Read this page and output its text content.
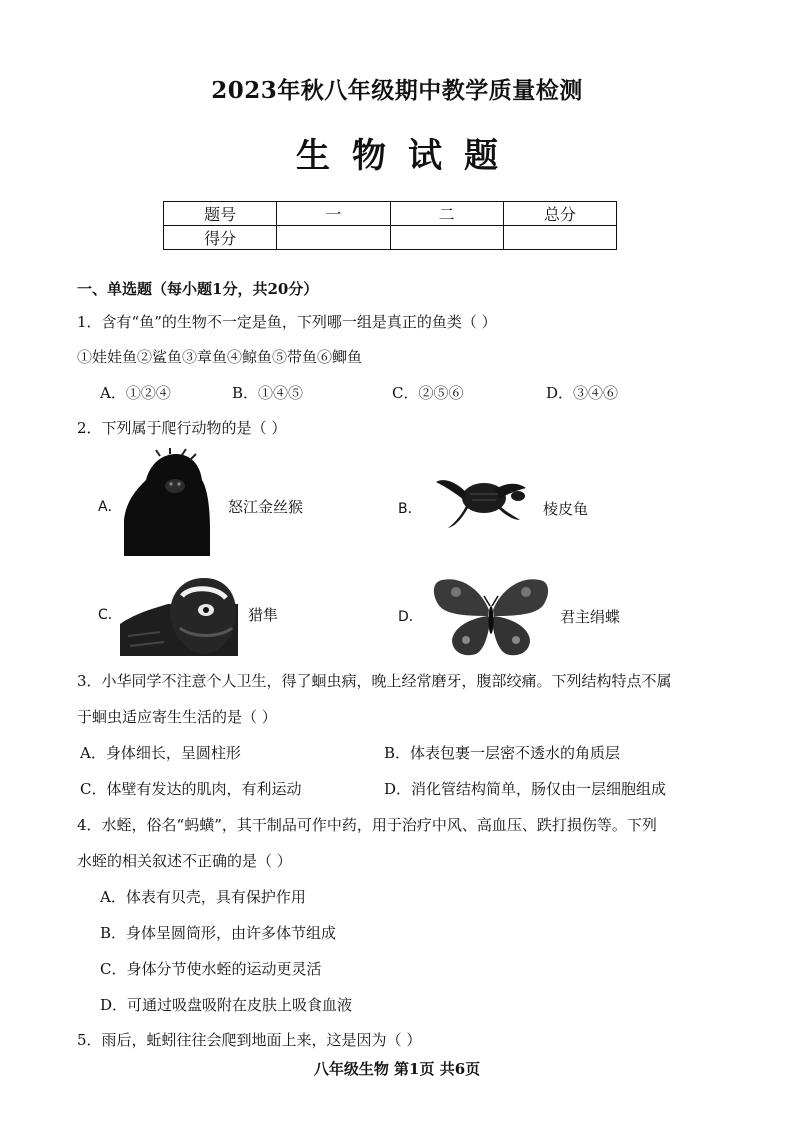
2023年秋八年级期中教学质量检测
生物试题
题号	一	二	总分
得分			
一、单选题（每小题1分，共20分）
1．含有“鱼”的生物不一定是鱼，下列哪一组是真正的鱼类（ ）
①娃娃鱼②鲨鱼③章鱼④鲸鱼⑤带鱼⑥鲫鱼
A．①②④	B．①④⑤	C．②⑤⑥	D．③④⑥
2．下列属于爬行动物的是（ ）
A．	怒江金丝猴	B．	棱皮龟
C．	猎隼	D．	君主绢蝶
3．小华同学不注意个人卫生，得了蛔虫病，晚上经常磨牙，腹部绞痛。下列结构特点不属
于蛔虫适应寄生生活的是（ ）
A．身体细长，呈圆柱形	B．体表包裹一层密不透水的角质层
C．体壁有发达的肌肉，有利运动	D．消化管结构简单，肠仅由一层细胞组成
4．水蛭，俗名“蚂蟥”，其干制品可作中药，用于治疗中风、高血压、跌打损伤等。下列
水蛭的相关叙述不正确的是（ ）
A．体表有贝壳，具有保护作用
B．身体呈圆筒形，由许多体节组成
C．身体分节使水蛭的运动更灵活
D．可通过吸盘吸附在皮肤上吸食血液
5．雨后，蚯蚓往往会爬到地面上来，这是因为（ ）
八年级生物 第1页 共6页
